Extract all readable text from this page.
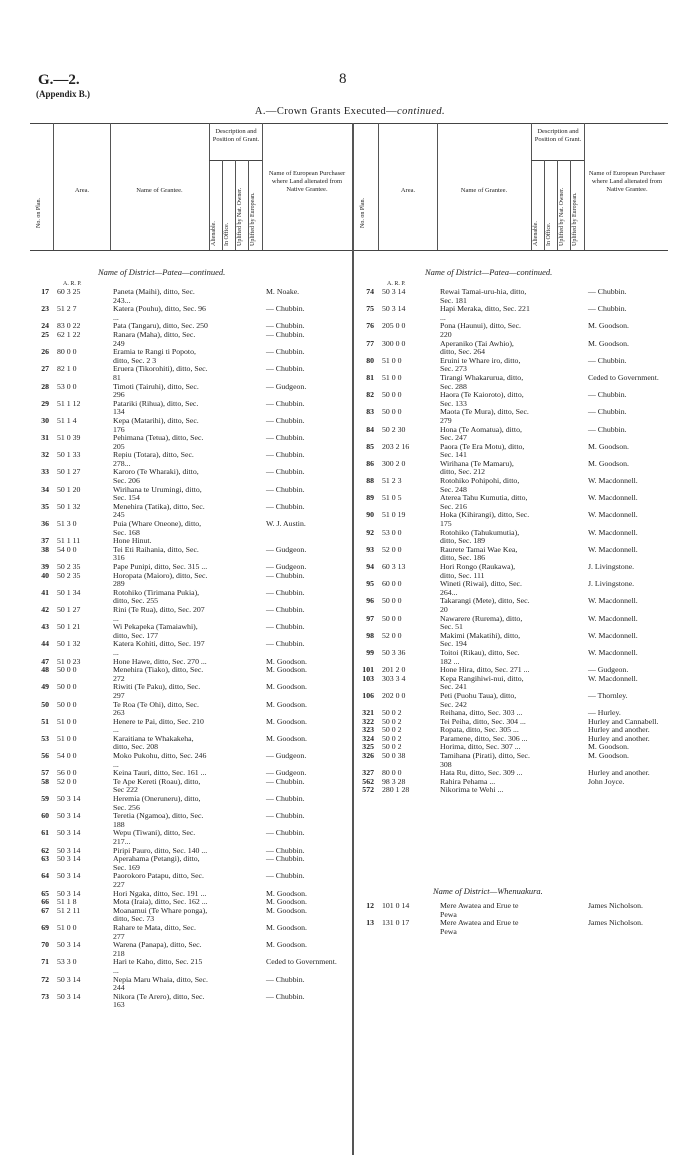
G.—2.
(Appendix B.)
8
A.—Crown Grants Executed—continued.
No. on Plan.
Area.	Name of Grantee.
Description and Position of Grant.
Alienable. In Office. Uplifted by Nat. Owner. Uplifted by European.
Name of European Purchaser where Land alienated from Native Grantee.
No. on Plan.
Area.	Name of Grantee.
Description and Position of Grant.
Alienable. In Office. Uplifted by Nat. Owner. Uplifted by European.
Name of European Purchaser where Land alienated from Native Grantee.
Name of District—Patea—continued.
A. R. P.
17	60 3 25	Paneta (Maihi), ditto, Sec. 243...		M. Noake.
23	51 2 7	Katera (Pouhu), ditto, Sec. 96 ...		— Chubbin.
24	83 0 22	Pata (Tangaru), ditto, Sec. 250		— Chubbin.
25	62 1 22	Ranara (Maha), ditto, Sec. 249		— Chubbin.
26	80 0 0	Eramia te Rangi ti Popoto, ditto, Sec. 2 3		— Chubbin.
27	82 1 0	Eruera (Tikorohiti), ditto, Sec. 81		— Chubbin.
28	53 0 0	Timoti (Tairuhi), ditto, Sec. 296		— Gudgeon.
29	51 1 12	Patariki (Rihua), ditto, Sec. 134		— Chubbin.
30	51 1 4	Kepa (Matarihi), ditto, Sec. 176		— Chubbin.
31	51 0 39	Pehimana (Tetua), ditto, Sec. 205		— Chubbin.
32	50 1 33	Repiu (Totara), ditto, Sec. 278...		— Chubbin.
33	50 1 27	Karoro (Te Wharaki), ditto, Sec. 206		— Chubbin.
34	50 1 20	Wirihana te Urumingi, ditto, Sec. 154		— Chubbin.
35	50 1 32	Menehira (Tatika), ditto, Sec. 245		— Chubbin.
36	51 3 0	Puia (Whare Oneone), ditto, Sec. 168		W. J. Austin.
37	51 1 11	Hone Hinut.		
38	54 0 0	Tei Eti Raihania, ditto, Sec. 316		— Gudgeon.
39	50 2 35	Pape Punipi, ditto, Sec. 315 ...		— Gudgeon.
40	50 2 35	Horopata (Maioro), ditto, Sec. 289		— Chubbin.
41	50 1 34	Rotohiko (Tirimana Pukia), ditto, Sec. 255		— Chubbin.
42	50 1 27	Rini (Te Rua), ditto, Sec. 207 ...		— Chubbin.
43	50 1 21	Wi Pekapeka (Tamaiawhi), ditto, Sec. 177		— Chubbin.
44	50 1 32	Katera Kohiti, ditto, Sec. 197 ...		— Chubbin.
47	51 0 23	Hone Hawe, ditto, Sec. 270 ...		M. Goodson.
48	50 0 0	Menehira (Tiako), ditto, Sec. 272		M. Goodson.
49	50 0 0	Riwiti (Te Paku), ditto, Sec. 297		M. Goodson.
50	50 0 0	Te Roa (Te Ohi), ditto, Sec. 263		M. Goodson.
51	51 0 0	Henere te Pai, ditto, Sec. 210 ...		M. Goodson.
53	51 0 0	Karaitiana te Whakakeha, ditto, Sec. 208		M. Goodson.
56	54 0 0	Moko Pukohu, ditto, Sec. 246 ...		— Gudgeon.
57	56 0 0	Keina Tauri, ditto, Sec. 161 ...		— Gudgeon.
58	52 0 0	Te Ape Kereti (Roau), ditto, Sec 222		— Chubbin.
59	50 3 14	Heremia (Oneruneru), ditto, Sec. 256		— Chubbin.
60	50 3 14	Teretia (Ngamoa), ditto, Sec. 188		— Chubbin.
61	50 3 14	Wepu (Tiwani), ditto, Sec. 217...		— Chubbin.
62	50 3 14	Piripi Pauro, ditto, Sec. 140 ...		— Chubbin.
63	50 3 14	Aperahama (Petangi), ditto, Sec. 169		— Chubbin.
64	50 3 14	Paorokoro Patapu, ditto, Sec. 227		— Chubbin.
65	50 3 14	Hori Ngaka, ditto, Sec. 191 ...		M. Goodson.
66	51 1 8	Mota (Iraia), ditto, Sec. 162 ...		M. Goodson.
67	51 2 11	Moanamui (Te Whare ponga), ditto, Sec. 73		M. Goodson.
69	51 0 0	Rahare te Mata, ditto, Sec. 277		M. Goodson.
70	50 3 14	Warena (Panapa), ditto, Sec. 218		M. Goodson.
71	53 3 0	Hari te Kaho, ditto, Sec. 215 ...		Ceded to Government.
72	50 3 14	Nepia Maru Whaia, ditto, Sec. 244		— Chubbin.
73	50 3 14	Nikora (Te Arero), ditto, Sec. 163		— Chubbin.
Name of District—Patea—continued.
A. R. P.
74	50 3 14	Rewai Tamai-uru-hia, ditto, Sec. 181		— Chubbin.
75	50 3 14	Hapi Meraka, ditto, Sec. 221 ...		— Chubbin.
76	205 0 0	Pona (Haunui), ditto, Sec. 220		M. Goodson.
77	300 0 0	Aperaniko (Tai Awhio), ditto, Sec. 264		M. Goodson.
80	51 0 0	Eruini te Whare iro, ditto, Sec. 273		— Chubbin.
81	51 0 0	Tirangi Whakarurua, ditto, Sec. 288		Ceded to Government.
82	50 0 0	Haora (Te Kaioroto), ditto, Sec. 133		— Chubbin.
83	50 0 0	Maota (Te Mura), ditto, Sec. 279		— Chubbin.
84	50 2 30	Hona (Te Aomatua), ditto, Sec. 247		— Chubbin.
85	203 2 16	Paora (Te Era Motu), ditto, Sec. 141		M. Goodson.
86	300 2 0	Wirihana (Te Mamaru), ditto, Sec. 212		M. Goodson.
88	51 2 3	Rotohiko Pohipohi, ditto, Sec. 248		W. Macdonnell.
89	51 0 5	Aterea Tahu Kumutia, ditto, Sec. 216		W. Macdonnell.
90	51 0 19	Hoka (Kihirangi), ditto, Sec. 175		W. Macdonnell.
92	53 0 0	Rotohiko (Tahukumutia), ditto, Sec. 189		W. Macdonnell.
93	52 0 0	Raurete Tamai Wae Kea, ditto, Sec. 186		W. Macdonnell.
94	60 3 13	Hori Rongo (Raukawa), ditto, Sec. 111		J. Livingstone.
95	60 0 0	Wineti (Riwai), ditto, Sec. 264...		J. Livingstone.
96	50 0 0	Takarangi (Mete), ditto, Sec. 20		W. Macdonnell.
97	50 0 0	Nawarere (Rurema), ditto, Sec. 51		W. Macdonnell.
98	52 0 0	Makimi (Makatihi), ditto, Sec. 194		W. Macdonnell.
99	50 3 36	Toitoi (Rikau), ditto, Sec. 182 ...		W. Macdonnell.
101	201 2 0	Hone Hira, ditto, Sec. 271 ...		— Gudgeon.
103	303 3 4	Kepa Rangihiwi-nui, ditto, Sec. 241		W. Macdonnell.
106	202 0 0	Peti (Puohu Taua), ditto, Sec. 242		— Thornley.
321	50 0 2	Reihana, ditto, Sec. 303 ...		— Hurley.
322	50 0 2	Tei Peiha, ditto, Sec. 304 ...		Hurley and Cannabell.
323	50 0 2	Ropata, ditto, Sec. 305 ...		Hurley and another.
324	50 0 2	Paramene, ditto, Sec. 306 ...		Hurley and another.
325	50 0 2	Horima, ditto, Sec. 307 ...		M. Goodson.
326	50 0 38	Tamihana (Pirati), ditto, Sec. 308		M. Goodson.
327	80 0 0	Hata Ru, ditto, Sec. 309 ...		Hurley and another.
562	98 3 28	Rahira Pehama ...		John Joyce.
572	280 1 28	Nikorima te Wehi ...		
Name of District—Whenuakura.
12	101 0 14	Mere Awatea and Erue te Pewa		James Nicholson.
13	131 0 17	Mere Awatea and Erue te Pewa		James Nicholson.
